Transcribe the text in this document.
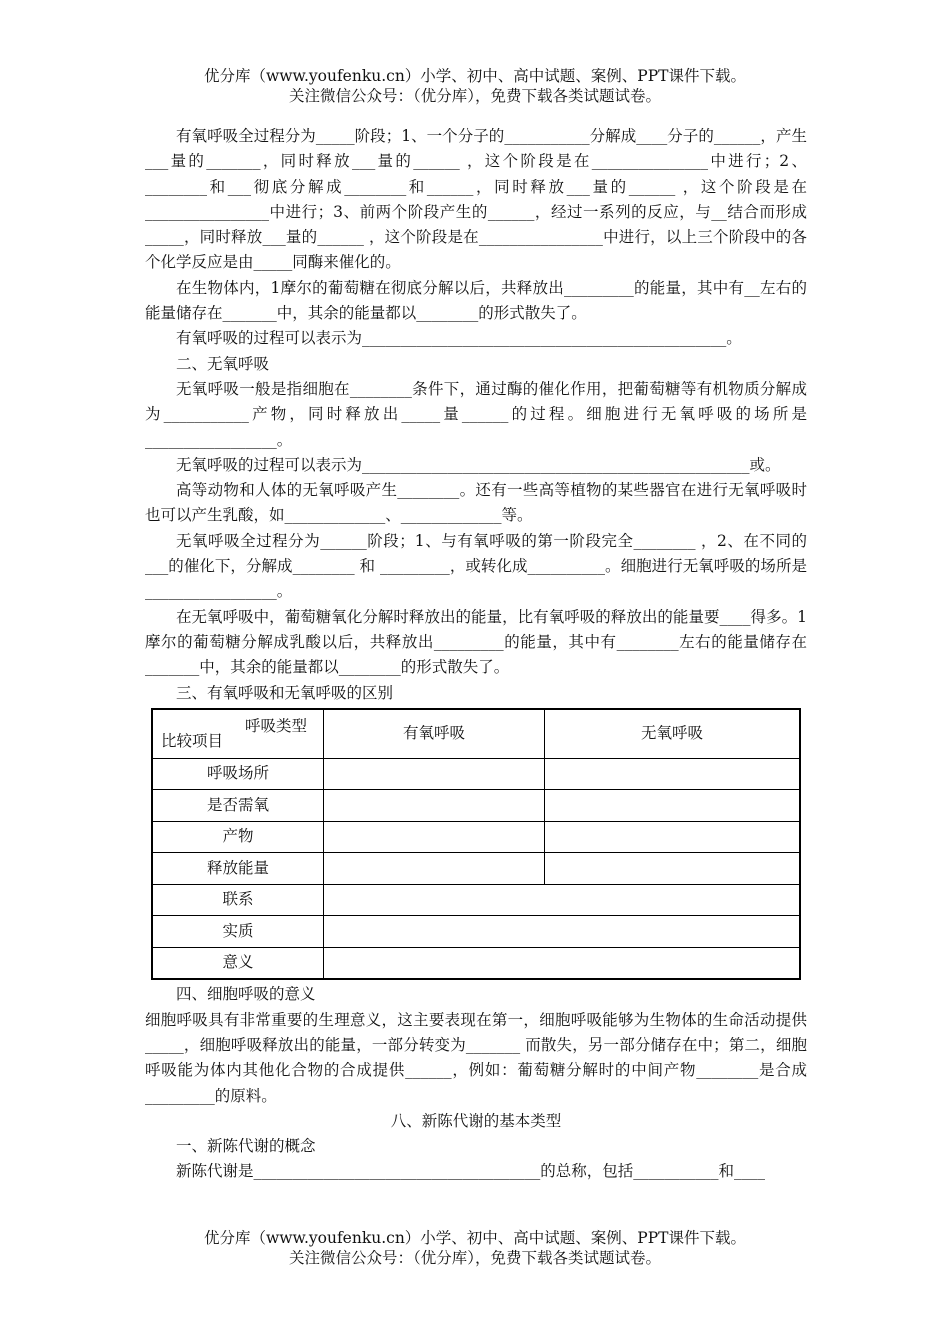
优分库（www.youfenku.cn）小学、初中、高中试题、案例、PPT课件下载。
关注微信公众号：（优分库），免费下载各类试题试卷。

有氧呼吸全过程分为_____阶段；1、一个分子的___________分解成____分子的______，产生___量的_______，同时释放___量的______ ，这个阶段是在_______________中进行；2、________和___彻底分解成________和______，同时释放___量的______ ，这个阶段是在________________中进行；3、前两个阶段产生的______，经过一系列的反应，与__结合而形成_____，同时释放___量的______ ，这个阶段是在________________中进行，以上三个阶段中的各个化学反应是由_____同酶来催化的。

在生物体内，1摩尔的葡萄糖在彻底分解以后，共释放出_________的能量，其中有__左右的能量储存在_______中，其余的能量都以________的形式散失了。

有氧呼吸的过程可以表示为_______________________________________________。

二、无氧呼吸

无氧呼吸一般是指细胞在________条件下，通过酶的催化作用，把葡萄糖等有机物质分解成为___________产物，同时释放出_____量______的过程。细胞进行无氧呼吸的场所是_________________。

无氧呼吸的过程可以表示为__________________________________________________或。

高等动物和人体的无氧呼吸产生________。还有一些高等植物的某些器官在进行无氧呼吸时也可以产生乳酸，如_____________、_____________等。

无氧呼吸全过程分为______阶段；1、与有氧呼吸的第一阶段完全________ ，2、在不同的___的催化下，分解成________ 和 _________，或转化成__________。细胞进行无氧呼吸的场所是_________________。

在无氧呼吸中，葡萄糖氧化分解时释放出的能量，比有氧呼吸的释放出的能量要____得多。1摩尔的葡萄糖分解成乳酸以后，共释放出_________的能量，其中有________左右的能量储存在_______中，其余的能量都以________的形式散失了。

三、有氧呼吸和无氧呼吸的区别

呼吸类型
比较项目	有氧呼吸	无氧呼吸
呼吸场所		
是否需氧		
产物		
释放能量		
联系		
实质		
意义		

四、细胞呼吸的意义

细胞呼吸具有非常重要的生理意义，这主要表现在第一，细胞呼吸能够为生物体的生命活动提供_____，细胞呼吸释放出的能量，一部分转变为_______ 而散失，另一部分储存在中；第二，细胞呼吸能为体内其他化合物的合成提供______，例如：葡萄糖分解时的中间产物________是合成_________的原料。

八、新陈代谢的基本类型

一、新陈代谢的概念

新陈代谢是_____________________________________的总称，包括___________和____

优分库（www.youfenku.cn）小学、初中、高中试题、案例、PPT课件下载。
关注微信公众号：（优分库），免费下载各类试题试卷。
